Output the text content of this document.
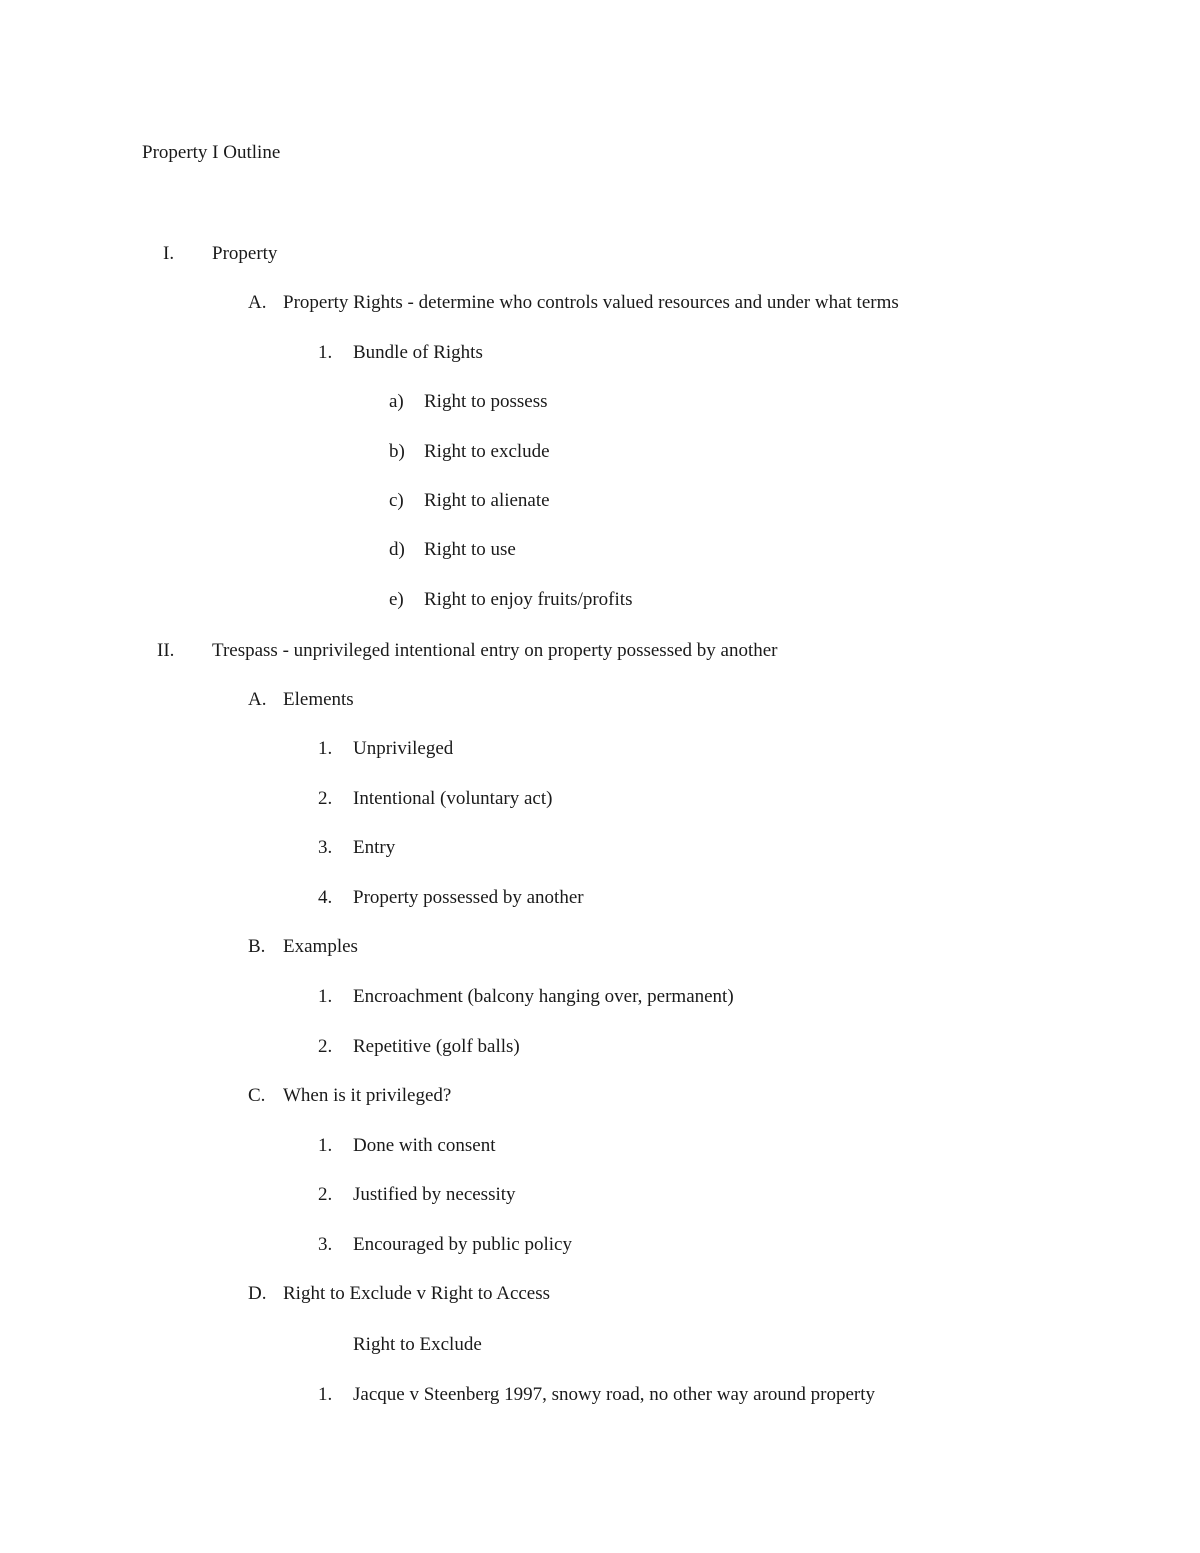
Property I Outline
I. Property
A. Property Rights - determine who controls valued resources and under what terms
1. Bundle of Rights
a) Right to possess
b) Right to exclude
c) Right to alienate
d) Right to use
e) Right to enjoy fruits/profits
II. Trespass - unprivileged intentional entry on property possessed by another
A. Elements
1. Unprivileged
2. Intentional (voluntary act)
3. Entry
4. Property possessed by another
B. Examples
1. Encroachment (balcony hanging over, permanent)
2. Repetitive (golf balls)
C. When is it privileged?
1. Done with consent
2. Justified by necessity
3. Encouraged by public policy
D. Right to Exclude v Right to Access
Right to Exclude
1. Jacque v Steenberg 1997, snowy road, no other way around property
